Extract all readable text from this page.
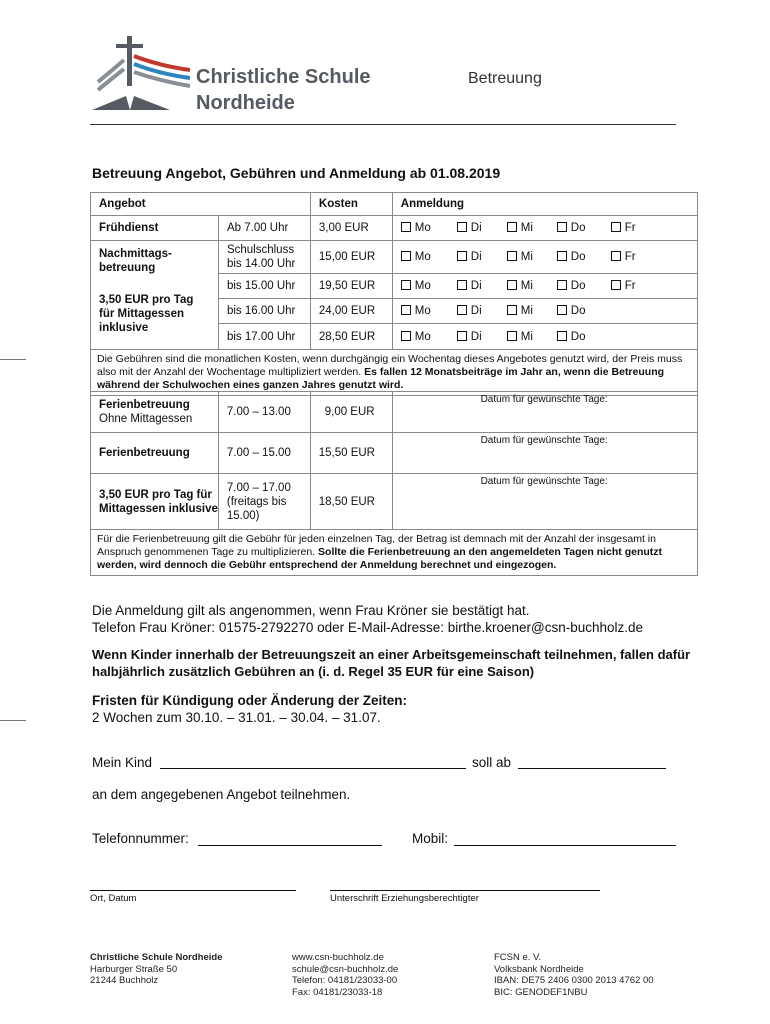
Christliche Schule
Nordheide
Betreuung
Betreuung Angebot, Gebühren und Anmeldung ab 01.08.2019
Angebot		Kosten	Anmeldung
Frühdienst	Ab 7.00 Uhr	3,00 EUR	Mo Di Mi Do Fr

Nachmittags-betreuung
3,50 EUR pro Tag für Mittagessen inklusive	Schulschluss bis 14.00 Uhr	15,00 EUR	Mo Di Mi Do Fr
	bis 15.00 Uhr	19,50 EUR	Mo Di Mi Do Fr
	bis 16.00 Uhr	24,00 EUR	Mo Di Mi Do
	bis 17.00 Uhr	28,50 EUR	Mo Di Mi Do
Die Gebühren sind die monatlichen Kosten, wenn durchgängig ein Wochentag dieses Angebotes genutzt wird, der Preis muss also mit der Anzahl der Wochentage multipliziert werden. Es fallen 12 Monatsbeiträge im Jahr an, wenn die Betreuung während der Schulwochen eines ganzen Jahres genutzt wird.			
Ferienbetreuung
Ohne Mittagessen	7.00 – 13.00	9,00 EUR	Datum für gewünschte Tage:
Ferienbetreuung	7.00 – 15.00	15,50 EUR	Datum für gewünschte Tage:
3,50 EUR pro Tag für Mittagessen inklusive	7.00 – 17.00 (freitags bis 15.00)	18,50 EUR	Datum für gewünschte Tage:
Für die Ferienbetreuung gilt die Gebühr für jeden einzelnen Tag, der Betrag ist demnach mit der Anzahl der insgesamt in Anspruch genommenen Tage zu multiplizieren. Sollte die Ferienbetreuung an den angemeldeten Tagen nicht genutzt werden, wird dennoch die Gebühr entsprechend der Anmeldung berechnet und eingezogen.			
Die Anmeldung gilt als angenommen, wenn Frau Kröner sie bestätigt hat.
Telefon Frau Kröner: 01575-2792270 oder E-Mail-Adresse: birthe.kroener@csn-buchholz.de
Wenn Kinder innerhalb der Betreuungszeit an einer Arbeitsgemeinschaft teilnehmen, fallen dafür halbjährlich zusätzlich Gebühren an (i. d. Regel 35 EUR für eine Saison)
Fristen für Kündigung oder Änderung der Zeiten:
2 Wochen zum 30.10. – 31.01. – 30.04. – 31.07.
Mein Kind	soll ab
an dem angegebenen Angebot teilnehmen.
Telefonnummer:	Mobil:
Ort, Datum	Unterschrift Erziehungsberechtigter
Christliche Schule Nordheide
Harburger Straße 50
21244 Buchholz
www.csn-buchholz.de
schule@csn-buchholz.de
Telefon: 04181/23033-00
Fax: 04181/23033-18
FCSN e. V.
Volksbank Nordheide
IBAN: DE75 2406 0300 2013 4762 00
BIC: GENODEF1NBU
